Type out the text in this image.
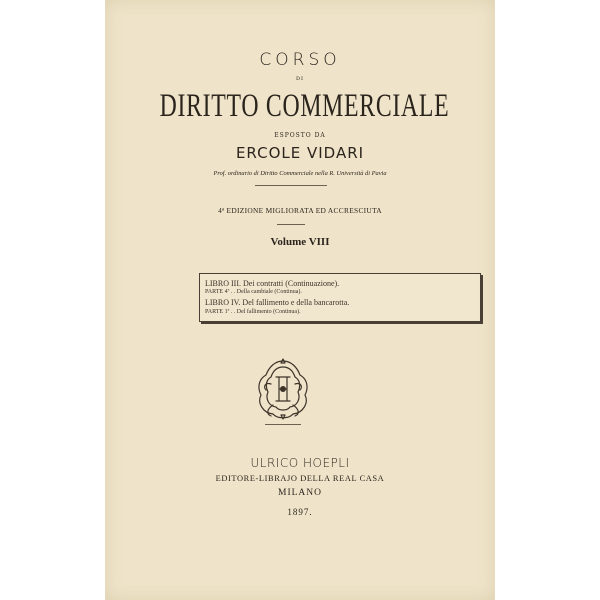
CORSO
DI
DIRITTO COMMERCIALE
ESPOSTO DA
ERCOLE VIDARI
Prof. ordinario di Diritto Commerciale nella R. Università di Pavia
4ª EDIZIONE MIGLIORATA ED ACCRESCIUTA
Volume VIII
LIBRO III. Dei contratti (Continuazione).
PARTE 4ª . . Della cambiale (Continua).
LIBRO IV. Del fallimento e della bancarotta.
PARTE 1ª . . Del fallimento (Continua).
ULRICO HOEPLI
EDITORE-LIBRAJO DELLA REAL CASA
MILANO
1897.
